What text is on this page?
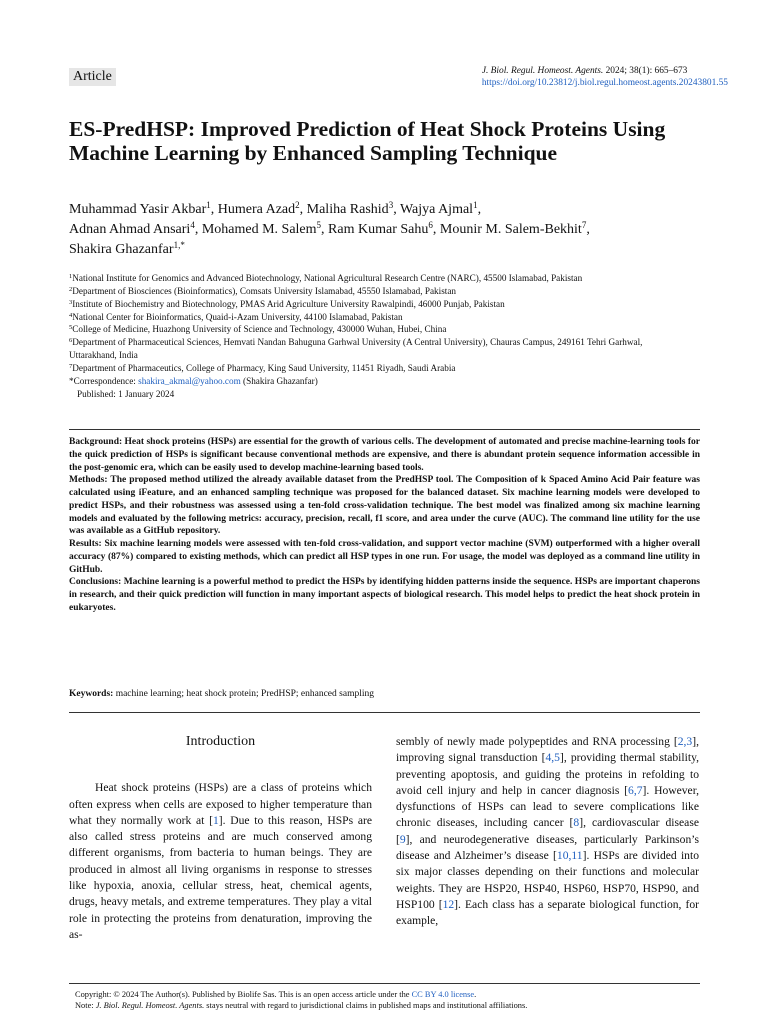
Article	J. Biol. Regul. Homeost. Agents. 2024; 38(1): 665–673
https://doi.org/10.23812/j.biol.regul.homeost.agents.20243801.55
ES-PredHSP: Improved Prediction of Heat Shock Proteins Using Machine Learning by Enhanced Sampling Technique
Muhammad Yasir Akbar$^1$, Humera Azad$^2$, Maliha Rashid$^3$, Wajya Ajmal$^1$,
Adnan Ahmad Ansari$^4$, Mohamed M. Salem$^5$, Ram Kumar Sahu$^6$, Mounir M. Salem-Bekhit$^7$,
Shakira Ghazanfar$^{1,*}$
$^1$National Institute for Genomics and Advanced Biotechnology, National Agricultural Research Centre (NARC), 45500 Islamabad, Pakistan
$^2$Department of Biosciences (Bioinformatics), Comsats University Islamabad, 45550 Islamabad, Pakistan
$^3$Institute of Biochemistry and Biotechnology, PMAS Arid Agriculture University Rawalpindi, 46000 Punjab, Pakistan
$^4$National Center for Bioinformatics, Quaid-i-Azam University, 44100 Islamabad, Pakistan
$^5$College of Medicine, Huazhong University of Science and Technology, 430000 Wuhan, Hubei, China
$^6$Department of Pharmaceutical Sciences, Hemvati Nandan Bahuguna Garhwal University (A Central University), Chauras Campus, 249161 Tehri Garhwal, Uttarakhand, India
$^7$Department of Pharmaceutics, College of Pharmacy, King Saud University, 11451 Riyadh, Saudi Arabia
*Correspondence: shakira_akmal@yahoo.com (Shakira Ghazanfar)
Published: 1 January 2024

Background: Heat shock proteins (HSPs) are essential for the growth of various cells. The development of automated and precise machine-learning tools for the quick prediction of HSPs is significant because conventional methods are expensive, and there is abundant protein sequence information accessible in the post-genomic era, which can be easily used to develop machine-learning based tools.

Methods: The proposed method utilized the already available dataset from the PredHSP tool. The Composition of k Spaced Amino Acid Pair feature was calculated using iFeature, and an enhanced sampling technique was proposed for the balanced dataset. Six machine learning models were developed to predict HSPs, and their robustness was assessed using a ten-fold cross-validation technique. The best model was finalized among six machine learning models and evaluated by the following metrics: accuracy, precision, recall, f1 score, and area under the curve (AUC). The command line utility for the use was available as a GitHub repository.

Results: Six machine learning models were assessed with ten-fold cross-validation, and support vector machine (SVM) outperformed with a higher overall accuracy (87%) compared to existing methods, which can predict all HSP types in one run. For usage, the model was deployed as a command line utility in GitHub.

Conclusions: Machine learning is a powerful method to predict the HSPs by identifying hidden patterns inside the sequence. HSPs are important chaperons in research, and their quick prediction will function in many important aspects of biological research. This model helps to predict the heat shock protein in eukaryotes.

Keywords: machine learning; heat shock protein; PredHSP; enhanced sampling
Introduction

Heat shock proteins (HSPs) are a class of proteins which often express when cells are exposed to higher temperature than what they normally work at [1]. Due to this reason, HSPs are also called stress proteins and are much conserved among different organisms, from bacteria to human beings. They are produced in almost all living organisms in response to stresses like hypoxia, anoxia, cellular stress, heat, chemical agents, drugs, heavy metals, and extreme temperatures. They play a vital role in protecting the proteins from denaturation, improving the as-

sembly of newly made polypeptides and RNA processing [2,3], improving signal transduction [4,5], providing thermal stability, preventing apoptosis, and guiding the proteins in refolding to avoid cell injury and help in cancer diagnosis [6,7]. However, dysfunctions of HSPs can lead to severe complications like chronic diseases, including cancer [8], cardiovascular disease [9], and neurodegenerative diseases, particularly Parkinson’s disease and Alzheimer’s disease [10,11]. HSPs are divided into six major classes depending on their functions and molecular weights. They are HSP20, HSP40, HSP60, HSP70, HSP90, and HSP100 [12]. Each class has a separate biological function, for example,

Copyright: © 2024 The Author(s). Published by Biolife Sas. This is an open access article under the CC BY 4.0 license.
Note: J. Biol. Regul. Homeost. Agents. stays neutral with regard to jurisdictional claims in published maps and institutional affiliations.
